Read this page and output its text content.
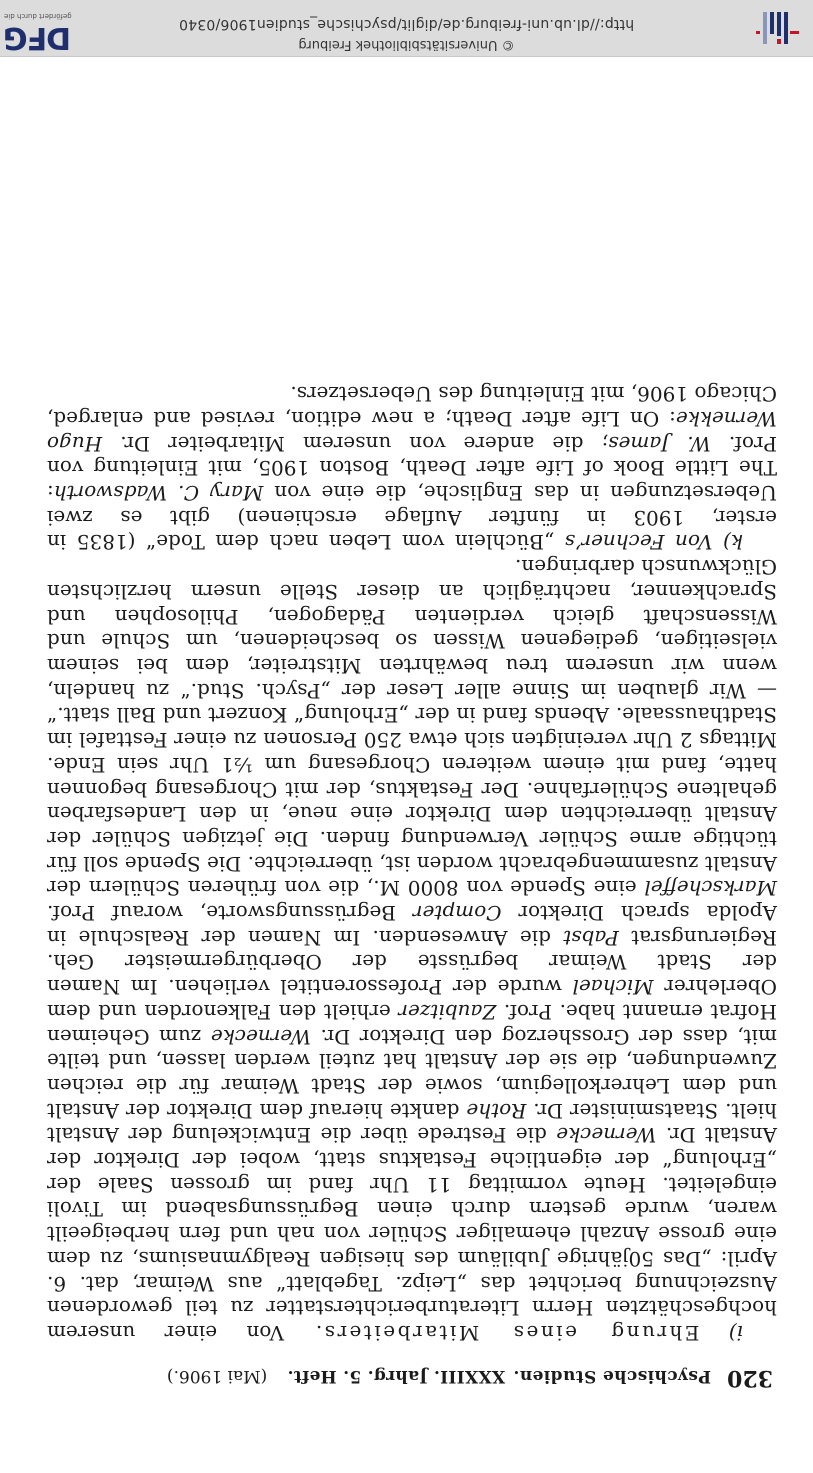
320
Psychische Studien.
XXXIII. Jahrg. 5. Heft.
(Mai 1906.)

i) Ehrung eines Mitarbeiters. Von einer unserem hochgeschätzten Herrn Literaturberichterstatter zu teil gewordenen Auszeichnung berichtet das „Leipz. Tageblatt“ aus Weimar, dat. 6. April: „Das 50jährige Jubiläum des hiesigen Realgymnasiums, zu dem eine grosse Anzahl ehemaliger Schüler von nah und fern herbeigeeilt waren, wurde gestern durch einen Begrüssungsabend im Tivoli eingeleitet. Heute vormittag 11 Uhr fand im grossen Saale der „Erholung“ der eigentliche Festaktus statt, wobei der Direktor der Anstalt Dr. Wernecke die Festrede über die Entwickelung der Anstalt hielt. Staatsminister Dr. Rothe dankte hierauf dem Direktor der Anstalt und dem Lehrerkollegium, sowie der Stadt Weimar für die reichen Zuwendungen, die sie der Anstalt hat zuteil werden lassen, und teilte mit, dass der Grossherzog den Direktor Dr. Wernecke zum Geheimen Hofrat ernannt habe. Prof. Zaubitzer erhielt den Falkenorden und dem Oberlehrer Michael wurde der Professorentitel verliehen. Im Namen der Stadt Weimar begrüsste der Oberbürgermeister Geh. Regierungsrat Pabst die Anwesenden. Im Namen der Realschule in Apolda sprach Direktor Compter Begrüssungsworte, worauf Prof. Markscheffel eine Spende von 8000 M., die von früheren Schülern der Anstalt zusammengebracht worden ist, überreichte. Die Spende soll für tüchtige arme Schüler Verwendung finden. Die jetzigen Schüler der Anstalt überreichten dem Direktor eine neue, in den Landesfarben gehaltene Schülerfahne. Der Festaktus, der mit Chorgesang begonnen hatte, fand mit einem weiteren Chorgesang um ½1 Uhr sein Ende. Mittags 2 Uhr vereinigten sich etwa 250 Personen zu einer Festtafel im Stadthaussaale. Abends fand in der „Erholung“ Konzert und Ball statt.“ — Wir glauben im Sinne aller Leser der „Psych. Stud.“ zu handeln, wenn wir unserem treu bewährten Mitstreiter, dem bei seinem vielseitigen, gediegenen Wissen so bescheidenen, um Schule und Wissenschaft gleich verdienten Pädagogen, Philosophen und Sprachkenner, nachträglich an dieser Stelle unsern herzlichsten Glückwunsch darbringen.

k) Von Fechner’s „Büchlein vom Leben nach dem Tode“ (1835 in erster, 1903 in fünfter Auflage erschienen) gibt es zwei Uebersetzungen in das Englische, die eine von Mary C. Wadsworth: The Little Book of Life after Death, Boston 1905, mit Einleitung von Prof. W. James; die andere von unserem Mitarbeiter Dr. Hugo Wernekke: On Life after Death; a new edition, revised and enlarged, Chicago 1906, mit Einleitung des Uebersetzers.

DFG
gefördert durch die	http://dl.ub.uni-freiburg.de/diglit/psychische_studien1906/0340
© Universitätsbibliothek Freiburg
